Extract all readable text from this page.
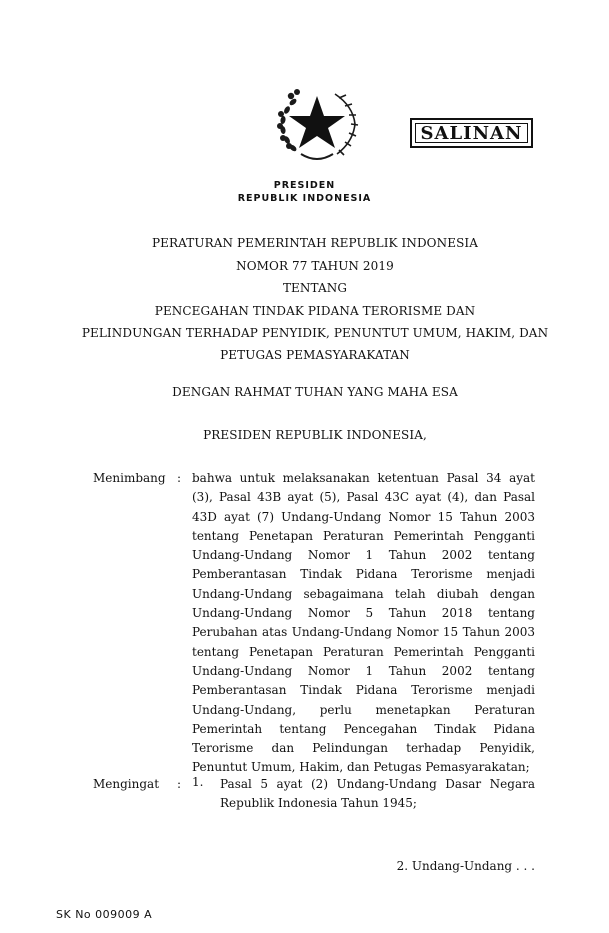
SALINAN
PRESIDEN
REPUBLIK INDONESIA
PERATURAN PEMERINTAH REPUBLIK INDONESIA
NOMOR 77 TAHUN 2019
TENTANG
PENCEGAHAN TINDAK PIDANA TERORISME DAN
PELINDUNGAN TERHADAP PENYIDIK, PENUNTUT UMUM, HAKIM, DAN
PETUGAS PEMASYARAKATAN
DENGAN RAHMAT TUHAN YANG MAHA ESA
PRESIDEN REPUBLIK INDONESIA,
Menimbang : bahwa untuk melaksanakan ketentuan Pasal 34 ayat (3), Pasal 43B ayat (5), Pasal 43C ayat (4), dan Pasal 43D ayat (7) Undang-Undang Nomor 15 Tahun 2003 tentang Penetapan Peraturan Pemerintah Pengganti Undang-Undang Nomor 1 Tahun 2002 tentang Pemberantasan Tindak Pidana Terorisme menjadi Undang-Undang sebagaimana telah diubah dengan Undang-Undang Nomor 5 Tahun 2018 tentang Perubahan atas Undang-Undang Nomor 15 Tahun 2003 tentang Penetapan Peraturan Pemerintah Pengganti Undang-Undang Nomor 1 Tahun 2002 tentang Pemberantasan Tindak Pidana Terorisme menjadi Undang-Undang, perlu menetapkan Peraturan Pemerintah tentang Pencegahan Tindak Pidana Terorisme dan Pelindungan terhadap Penyidik, Penuntut Umum, Hakim, dan Petugas Pemasyarakatan;
Mengingat : 1. Pasal 5 ayat (2) Undang-Undang Dasar Negara Republik Indonesia Tahun 1945;
2. Undang-Undang . . .
SK No 009009 A
